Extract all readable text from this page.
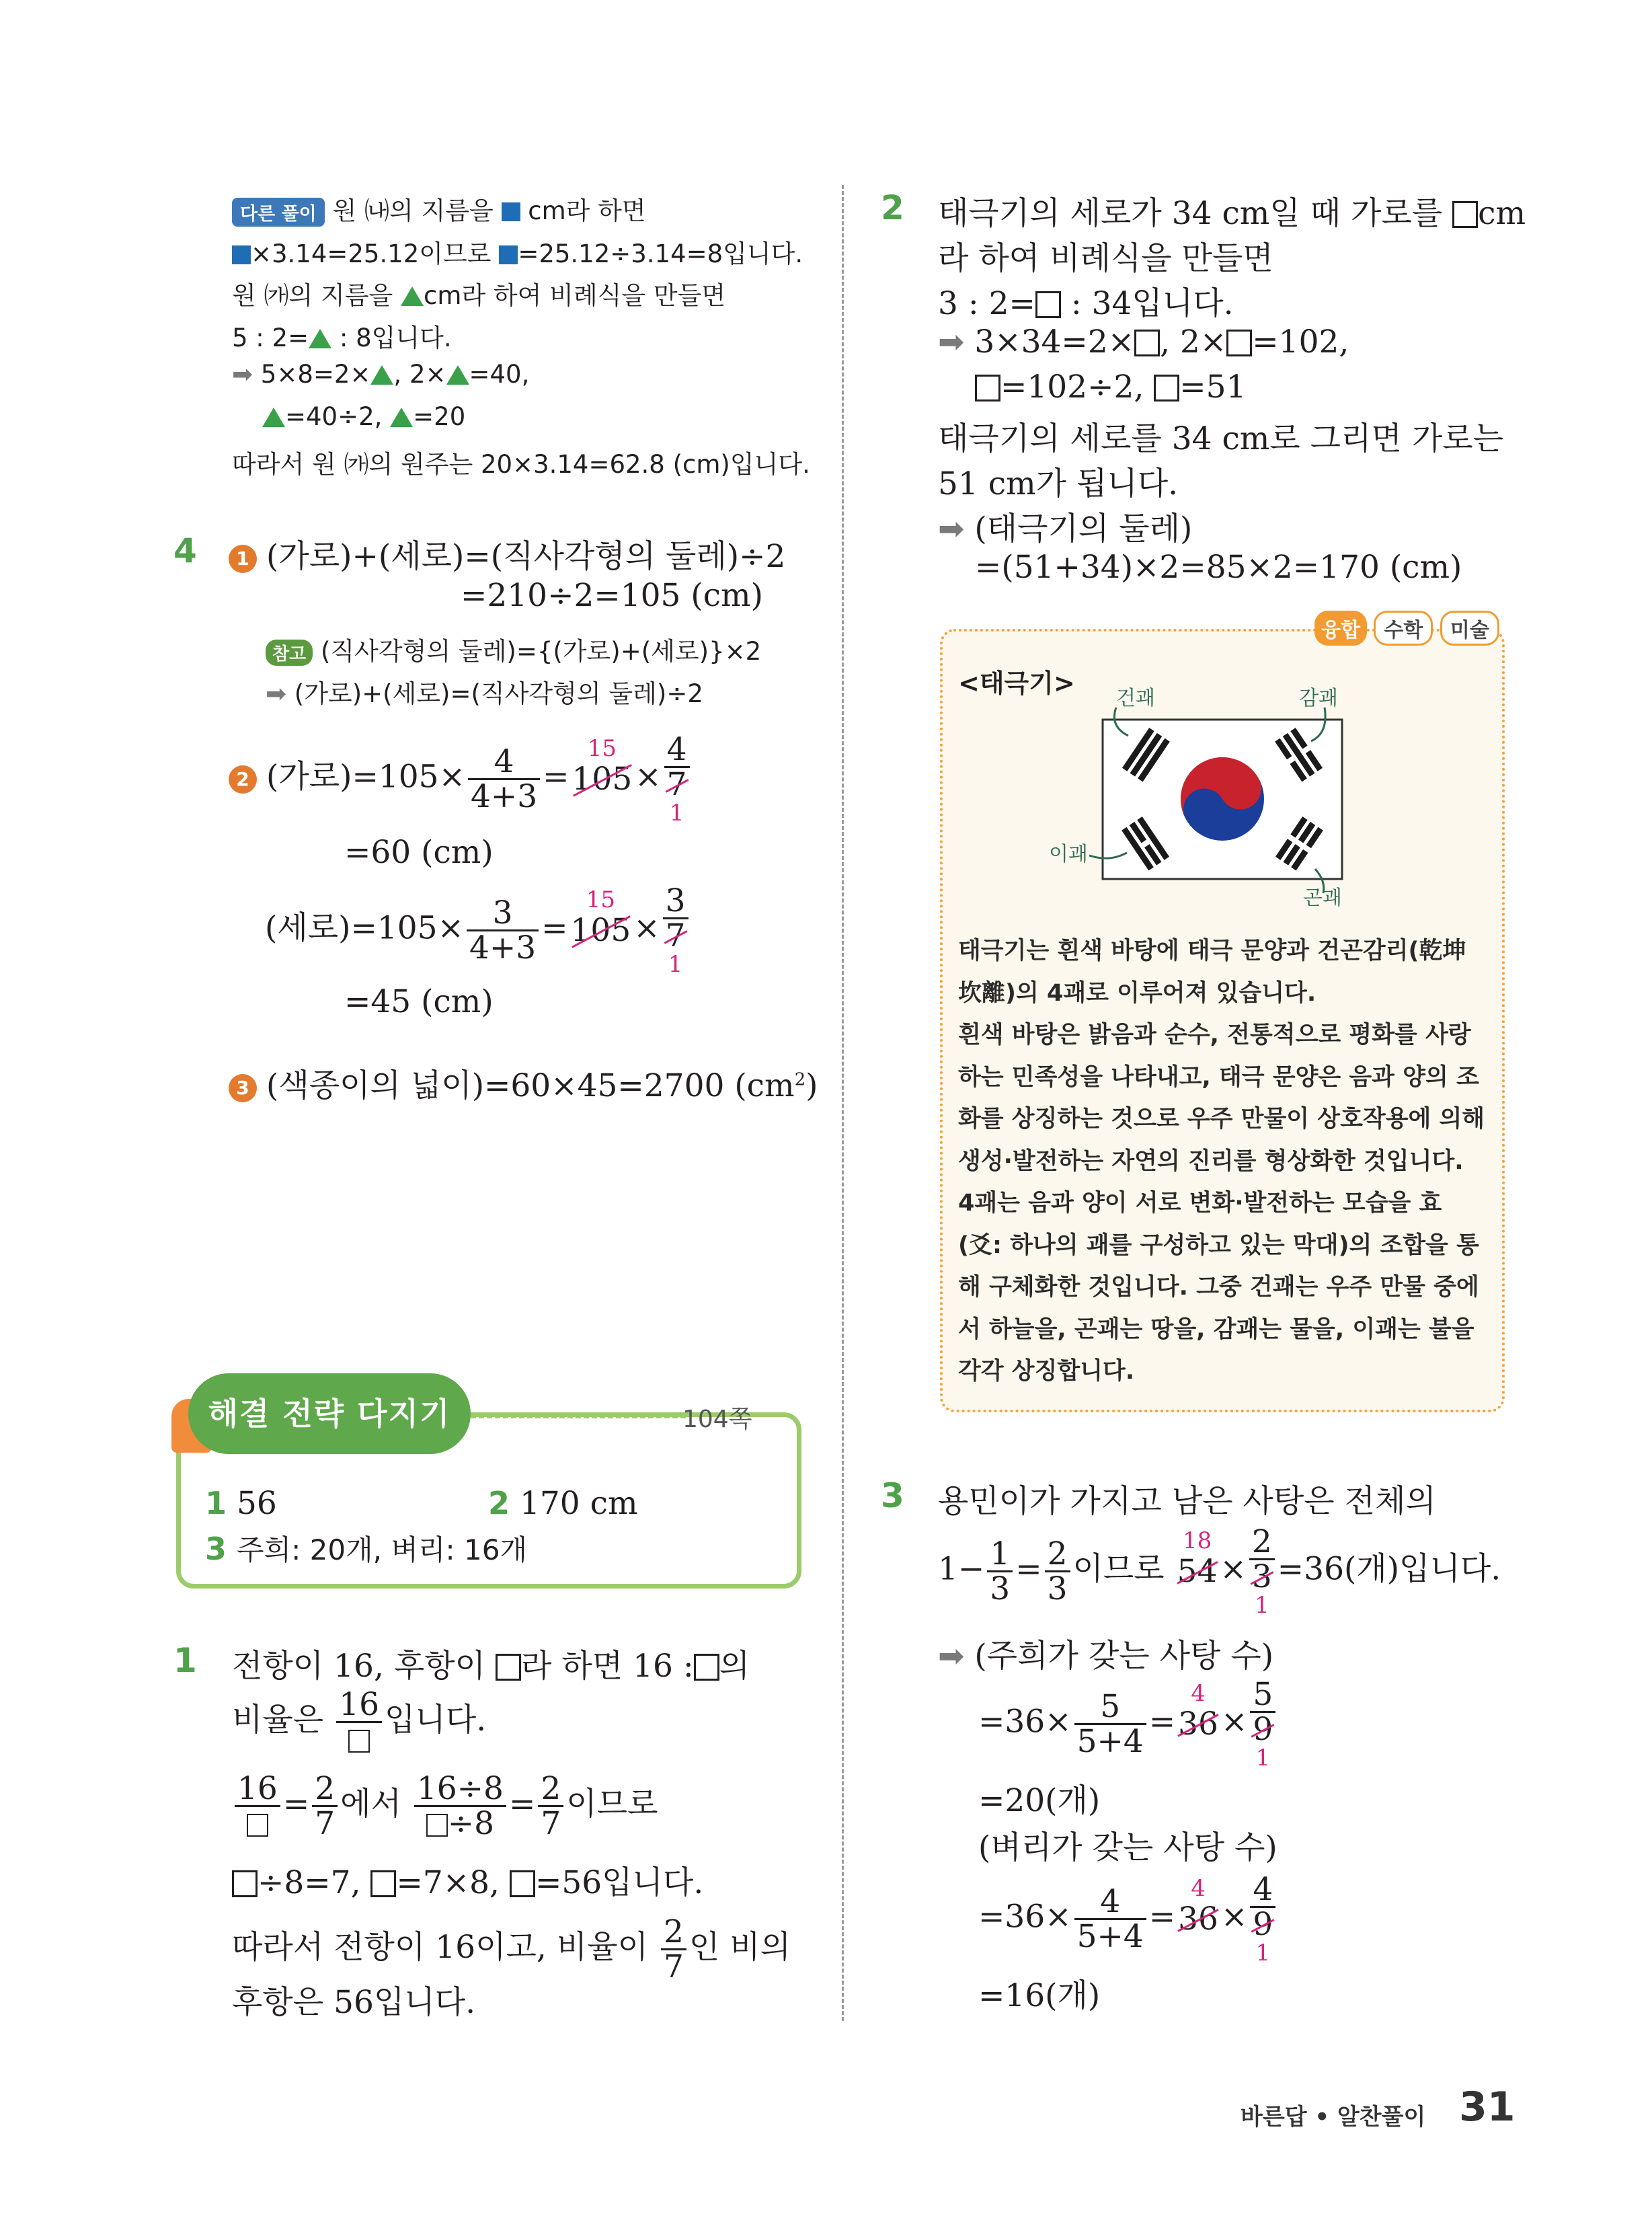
다른 풀이 원 ㈏의 지름을 cm라 하면
×3.14=25.12이므로 =25.12÷3.14=8입니다.
원 ㈎의 지름을 cm라 하여 비례식을 만들면
5 : 2= : 8입니다.
➡ 5×8=2× , 2× =40,
=40÷2, =20
따라서 원 ㈎의 원주는 20×3.14=62.8 (cm)입니다.
4	1 (가로)+(세로)=(직사각형의 둘레)÷2
=210÷2=105 (cm)
참고 (직사각형의 둘레)={(가로)+(세로)}×2
➡ (가로)+(세로)=(직사각형의 둘레)÷2
2 (가로)$=105\times \frac{4}{4+3}$ =
15
105×
4
7
1
=60 (cm)
(세로)$=105\times \frac{3}{4+3}$ =
15
105×
3
7
1
=45 (cm)
3 (색종이의 넓이)=60×45=2700 $(cm^2)$
해결 전략 다지기	104쪽
1 56	2 170 cm
3 주희: 20개, 벼리: 16개
1 전항이 16, 후항이 라 하면 16 : 의
비율은 16 입니다.
$16 = \frac{2}{7}$ 에서 $\frac{16\div 8}{\div 8} = \frac{2}{7}$ 이므로
÷8=7, =7×8, =56입니다.
따라서 전항이 16이고, 비율이 $\frac{2}{7}$ 인 비의
후항은 56입니다.
2 태극기의 세로가 34 cm일 때 가로를 cm
라 하여 비례식을 만들면
3 : 2= : 34입니다.
➡ 3×34=2× , 2× =102,
=102÷2, =51
태극기의 세로를 34 cm로 그리면 가로는
51 cm가 됩니다.
➡ (태극기의 둘레)
=(51+34)×2=85×2=170 (cm)
융합 수학 미술
<태극기>
건괘	감괘
이괘
곤괘
태극기는 흰색 바탕에 태극 문양과 건곤감리(乾坤
坎離)의 4괘로 이루어져 있습니다.
흰색 바탕은 밝음과 순수, 전통적으로 평화를 사랑
하는 민족성을 나타내고, 태극 문양은 음과 양의 조
화를 상징하는 것으로 우주 만물이 상호작용에 의해
생성·발전하는 자연의 진리를 형상화한 것입니다.
4괘는 음과 양이 서로 변화·발전하는 모습을 효
(爻: 하나의 괘를 구성하고 있는 막대)의 조합을 통
해 구체화한 것입니다. 그중 건괘는 우주 만물 중에
서 하늘을, 곤괘는 땅을, 감괘는 물을, 이괘는 불을
각각 상징합니다.
3 용민이가 가지고 남은 사탕은 전체의
$1- \frac{1}{3} = \frac{2}{3}$ 이므로
18
54×
2
3
1
=36(개)입니다.
➡ (주희가 갖는 사탕 수)
$=36\times \frac{5}{5+4}$ =
4
36×
5
9
1
=20(개)
(벼리가 갖는 사탕 수)
$=36\times \frac{4}{5+4}$ =
4
36×
4
9
1
=16(개)
바른답 • 알찬풀이 31
